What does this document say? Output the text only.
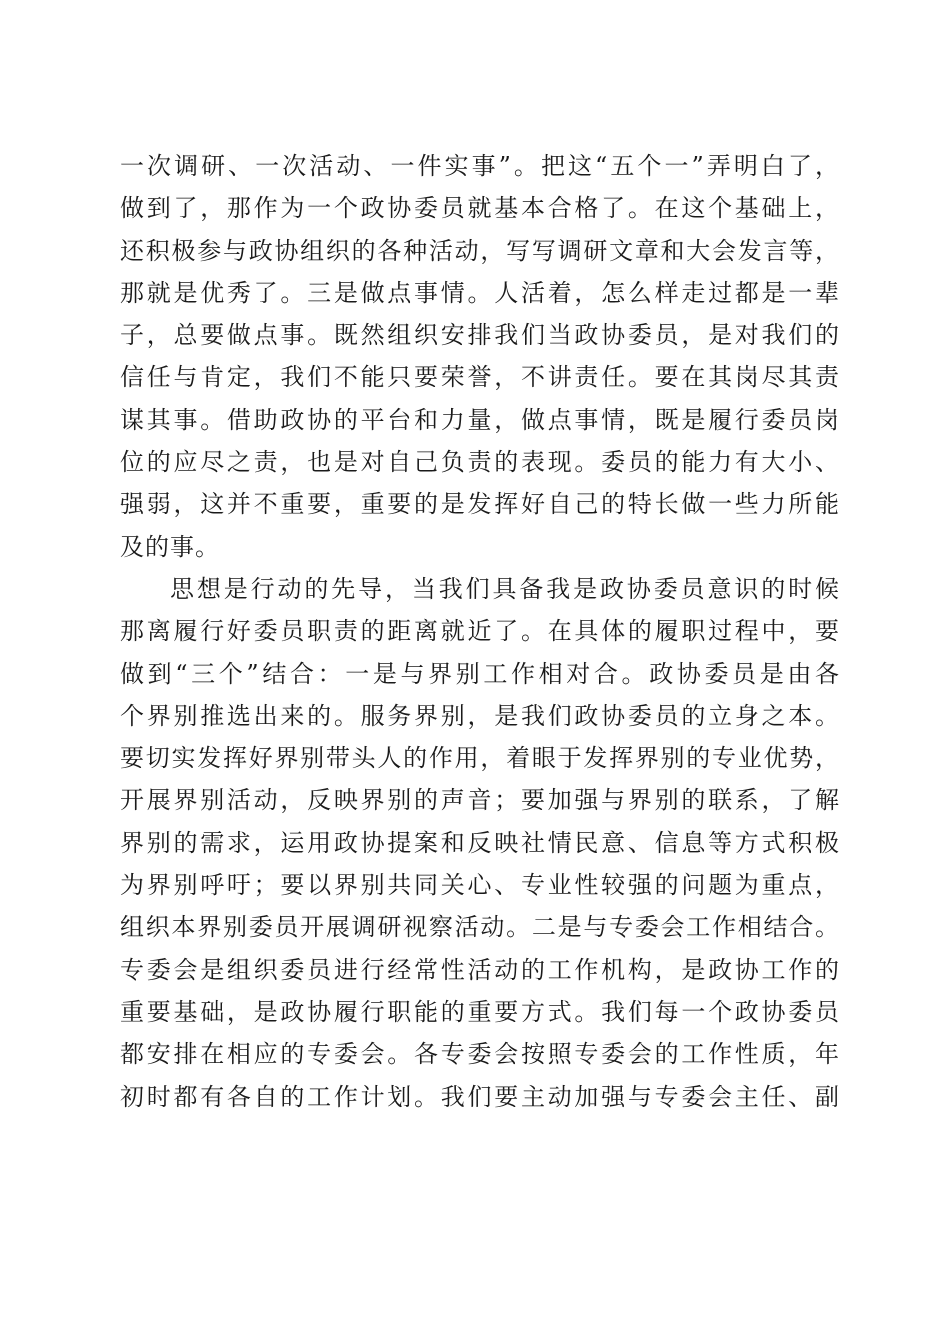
一次调研、一次活动、一件实事”。把这“五个一”弄明白了，
做到了，那作为一个政协委员就基本合格了。在这个基础上，
还积极参与政协组织的各种活动，写写调研文章和大会发言等，
那就是优秀了。三是做点事情。人活着，怎么样走过都是一辈
子，总要做点事。既然组织安排我们当政协委员，是对我们的
信任与肯定，我们不能只要荣誉，不讲责任。要在其岗尽其责
谋其事。借助政协的平台和力量，做点事情，既是履行委员岗
位的应尽之责，也是对自己负责的表现。委员的能力有大小、
强弱，这并不重要，重要的是发挥好自己的特长做一些力所能
及的事。
思想是行动的先导，当我们具备我是政协委员意识的时候
那离履行好委员职责的距离就近了。在具体的履职过程中，要
做到“三个”结合：一是与界别工作相对合。政协委员是由各
个界别推选出来的。服务界别，是我们政协委员的立身之本。
要切实发挥好界别带头人的作用，着眼于发挥界别的专业优势，
开展界别活动，反映界别的声音；要加强与界别的联系，了解
界别的需求，运用政协提案和反映社情民意、信息等方式积极
为界别呼吁；要以界别共同关心、专业性较强的问题为重点，
组织本界别委员开展调研视察活动。二是与专委会工作相结合。
专委会是组织委员进行经常性活动的工作机构，是政协工作的
重要基础，是政协履行职能的重要方式。我们每一个政协委员
都安排在相应的专委会。各专委会按照专委会的工作性质，年
初时都有各自的工作计划。我们要主动加强与专委会主任、副
